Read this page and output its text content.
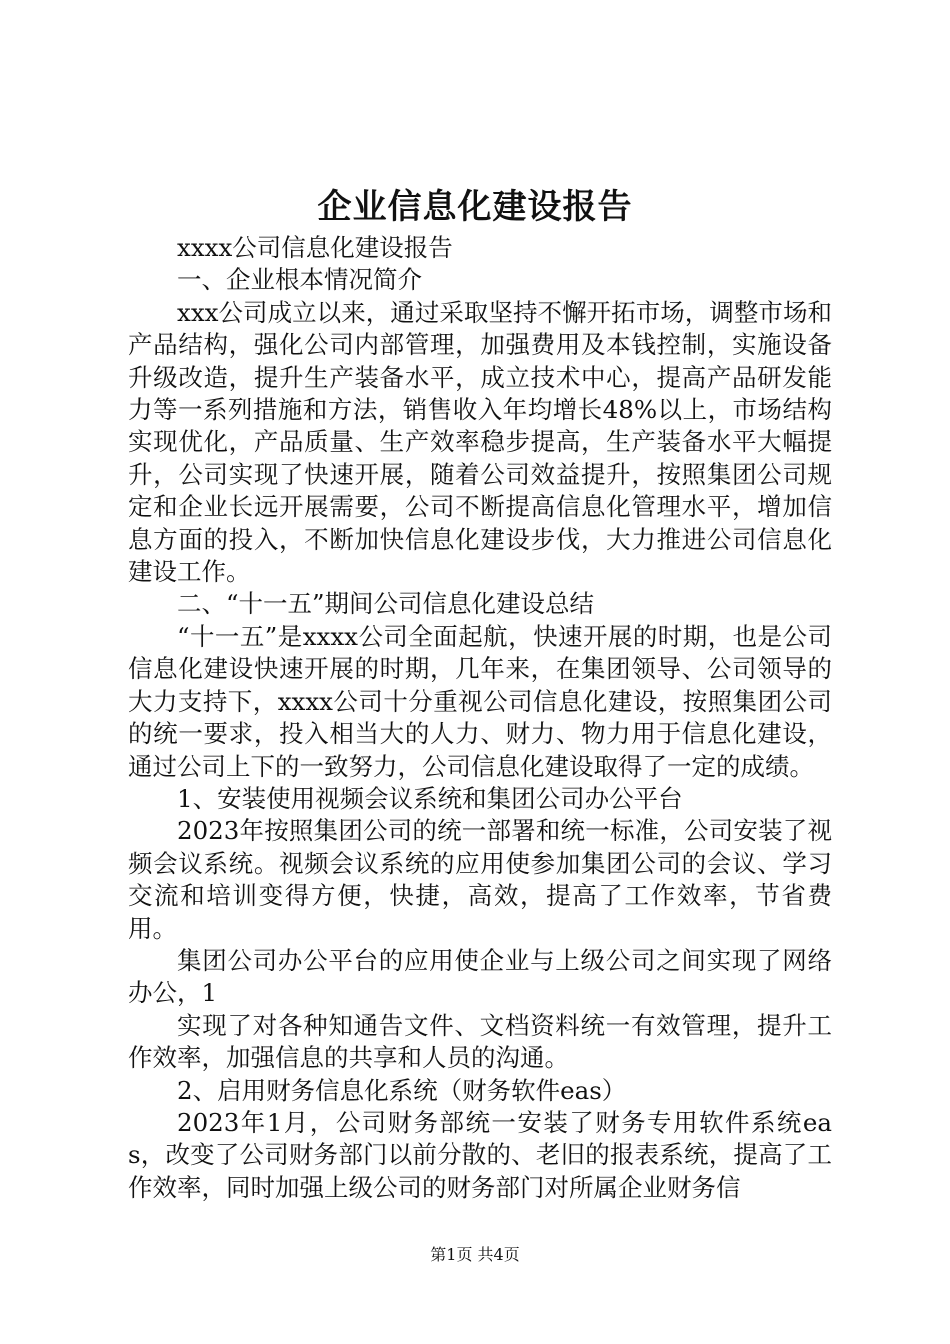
企业信息化建设报告

xxxx公司信息化建设报告

一、企业根本情况简介

xxx公司成立以来，通过采取坚持不懈开拓市场，调整市场和产品结构，强化公司内部管理，加强费用及本钱控制，实施设备升级改造，提升生产装备水平，成立技术中心，提高产品研发能力等一系列措施和方法，销售收入年均增长48%以上，市场结构实现优化，产品质量、生产效率稳步提高，生产装备水平大幅提升，公司实现了快速开展，随着公司效益提升，按照集团公司规定和企业长远开展需要，公司不断提高信息化管理水平，增加信息方面的投入，不断加快信息化建设步伐，大力推进公司信息化建设工作。

二、“十一五”期间公司信息化建设总结

“十一五”是xxxx公司全面起航，快速开展的时期，也是公司信息化建设快速开展的时期，几年来，在集团领导、公司领导的大力支持下，xxxx公司十分重视公司信息化建设，按照集团公司的统一要求，投入相当大的人力、财力、物力用于信息化建设，通过公司上下的一致努力，公司信息化建设取得了一定的成绩。

1、安装使用视频会议系统和集团公司办公平台

2023年按照集团公司的统一部署和统一标准，公司安装了视频会议系统。视频会议系统的应用使参加集团公司的会议、学习交流和培训变得方便，快捷，高效，提高了工作效率，节省费用。

集团公司办公平台的应用使企业与上级公司之间实现了网络办公，1

实现了对各种知通告文件、文档资料统一有效管理，提升工作效率，加强信息的共享和人员的沟通。

2、启用财务信息化系统（财务软件eas）

2023年1月，公司财务部统一安装了财务专用软件系统eas，改变了公司财务部门以前分散的、老旧的报表系统，提高了工作效率，同时加强上级公司的财务部门对所属企业财务信

第1页 共4页
